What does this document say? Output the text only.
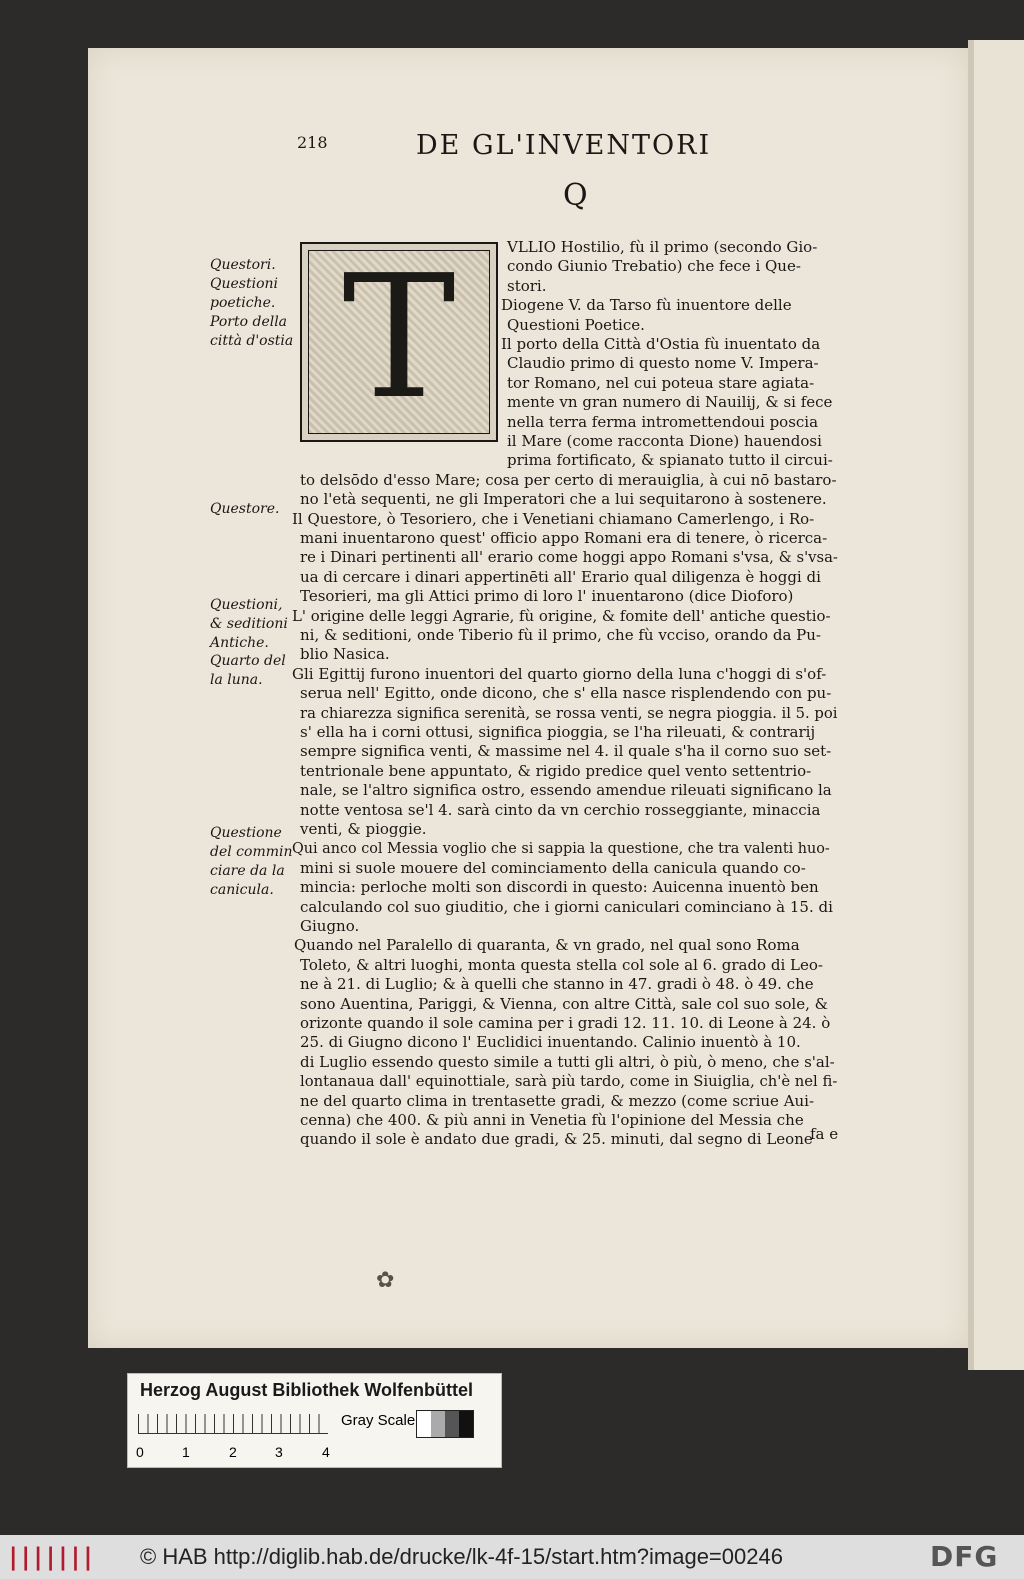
218	DE GL'INVENTORI
Q
T
Questori.
Questioni
poetiche.
Porto della
città d'ostia
Questore.
Questioni,
& seditioni
Antiche.
Quarto del
la luna.
Questione
del commin
ciare da la
canicula.
VLLIO Hostilio, fù il primo (secondo Gio-
condo Giunio Trebatio) che fece i Que-
stori.
Diogene V. da Tarso fù inuentore delle
Questioni Poetice.
Il porto della Città d'Ostia fù inuentato da
Claudio primo di questo nome V. Impera-
tor Romano, nel cui poteua stare agiata-
mente vn gran numero di Nauilij, & si fece
nella terra ferma intromettendoui poscia
il Mare (come racconta Dione) hauendosi
prima fortificato, & spianato tutto il circui-
to delsōdo d'esso Mare; cosa per certo di merauiglia, à cui nō bastaro-
no l'età sequenti, ne gli Imperatori che a lui sequitarono à sostenere.
Il Questore, ò Tesoriero, che i Venetiani chiamano Camerlengo, i Ro-
mani inuentarono quest' officio appo Romani era di tenere, ò ricerca-
re i Dinari pertinenti all' erario come hoggi appo Romani s'vsa, & s'vsa-
ua di cercare i dinari appertinēti all' Erario qual diligenza è hoggi di
Tesorieri, ma gli Attici primo di loro l' inuentarono (dice Dioforo)
L' origine delle leggi Agrarie, fù origine, & fomite dell' antiche questio-
ni, & seditioni, onde Tiberio fù il primo, che fù vcciso, orando da Pu-
blio Nasica.
Gli Egittij furono inuentori del quarto giorno della luna c'hoggi di s'of-
serua nell' Egitto, onde dicono, che s' ella nasce risplendendo con pu-
ra chiarezza significa serenità, se rossa venti, se negra pioggia. il 5. poi
s' ella ha i corni ottusi, significa pioggia, se l'ha rileuati, & contrarij
sempre significa venti, & massime nel 4. il quale s'ha il corno suo set-
tentrionale bene appuntato, & rigido predice quel vento settentrio-
nale, se l'altro significa ostro, essendo amendue rileuati significano la
notte ventosa se'l 4. sarà cinto da vn cerchio rosseggiante, minaccia
venti, & pioggie.
Qui anco col Messia voglio che si sappia la questione, che tra valenti huo-
mini si suole mouere del cominciamento della canicula quando co-
mincia: perloche molti son discordi in questo: Auicenna inuentò ben
calculando col suo giuditio, che i giorni caniculari cominciano à 15. di
Giugno.
Quando nel Paralello di quaranta, & vn grado, nel qual sono Roma
Toleto, & altri luoghi, monta questa stella col sole al 6. grado di Leo-
ne à 21. di Luglio; & à quelli che stanno in 47. gradi ò 48. ò 49. che
sono Auentina, Pariggi, & Vienna, con altre Città, sale col suo sole, &
orizonte quando il sole camina per i gradi 12. 11. 10. di Leone à 24. ò
25. di Giugno dicono l' Euclidici inuentando. Calinio inuentò à 10.
di Luglio essendo questo simile a tutti gli altri, ò più, ò meno, che s'al-
lontanaua dall' equinottiale, sarà più tardo, come in Siuiglia, ch'è nel fi-
ne del quarto clima in trentasette gradi, & mezzo (come scriue Aui-
cenna) che 400. & più anni in Venetia fù l'opinione del Messia che
quando il sole è andato due gradi, & 25. minuti, dal segno di Leone
fa e
✿
Herzog August Bibliothek Wolfenbüttel
0	1	2	3	4
Gray Scale
||||||| © HAB http://diglib.hab.de/drucke/lk-4f-15/start.htm?image=00246	DFG
